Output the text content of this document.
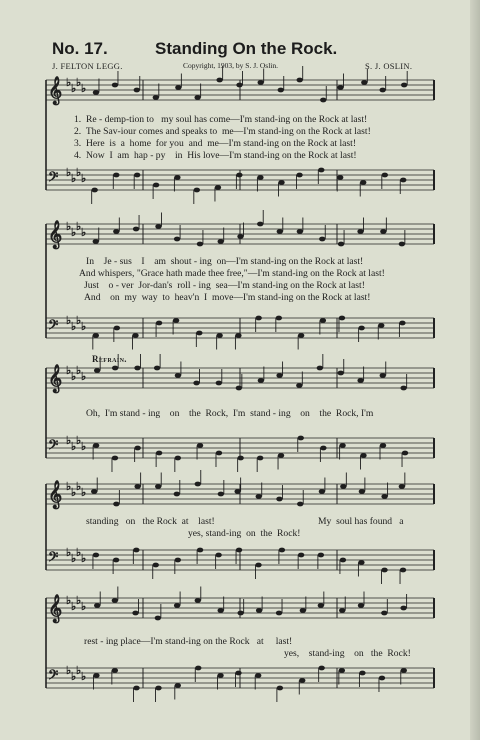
No. 17.	Standing On the Rock.
J. FELTON LEGG.	Copyright, 1903, by S. J. Oslin.	S. J. OSLIN.
𝄞 ♭ ♭ ♭ ♭
𝄢 ♭ ♭ ♭ ♭
𝄞 ♭ ♭ ♭ ♭
𝄢 ♭ ♭ ♭ ♭
𝄞 ♭ ♭ ♭ ♭
𝄢 ♭ ♭ ♭ ♭
𝄞 ♭ ♭ ♭ ♭
𝄢 ♭ ♭ ♭ ♭
𝄞 ♭ ♭ ♭ ♭
𝄢 ♭ ♭ ♭ ♭
1.  Re - demp-tion to   my soul has come—I'm stand-ing on the Rock at last!
2.  The Sav-iour comes and speaks to  me—I'm stand-ing on the Rock at last!
3.  Here  is  a  home  for you  and  me—I'm stand-ing on the Rock at last!
4.  Now  I  am  hap - py    in  His love—I'm stand-ing on the Rock at last!
In    Je - sus    I    am  shout - ing  on—I'm stand-ing on the Rock at last!
And whispers, "Grace hath made thee free,"—I'm stand-ing on the Rock at last!
Just    o - ver  Jor-dan's  roll - ing  sea—I'm stand-ing on the Rock at last!
And    on  my  way  to  heav'n  I  move—I'm stand-ing on the Rock at last!
Refrain.
Oh,  I'm stand - ing    on    the  Rock,  I'm  stand - ing    on    the  Rock, I'm
standing   on   the Rock  at    last!	My  soul has found   a
yes, stand-ing  on  the  Rock!
rest - ing place—I'm stand-ing on the Rock   at     last!
yes,    stand-ing    on   the  Rock!
